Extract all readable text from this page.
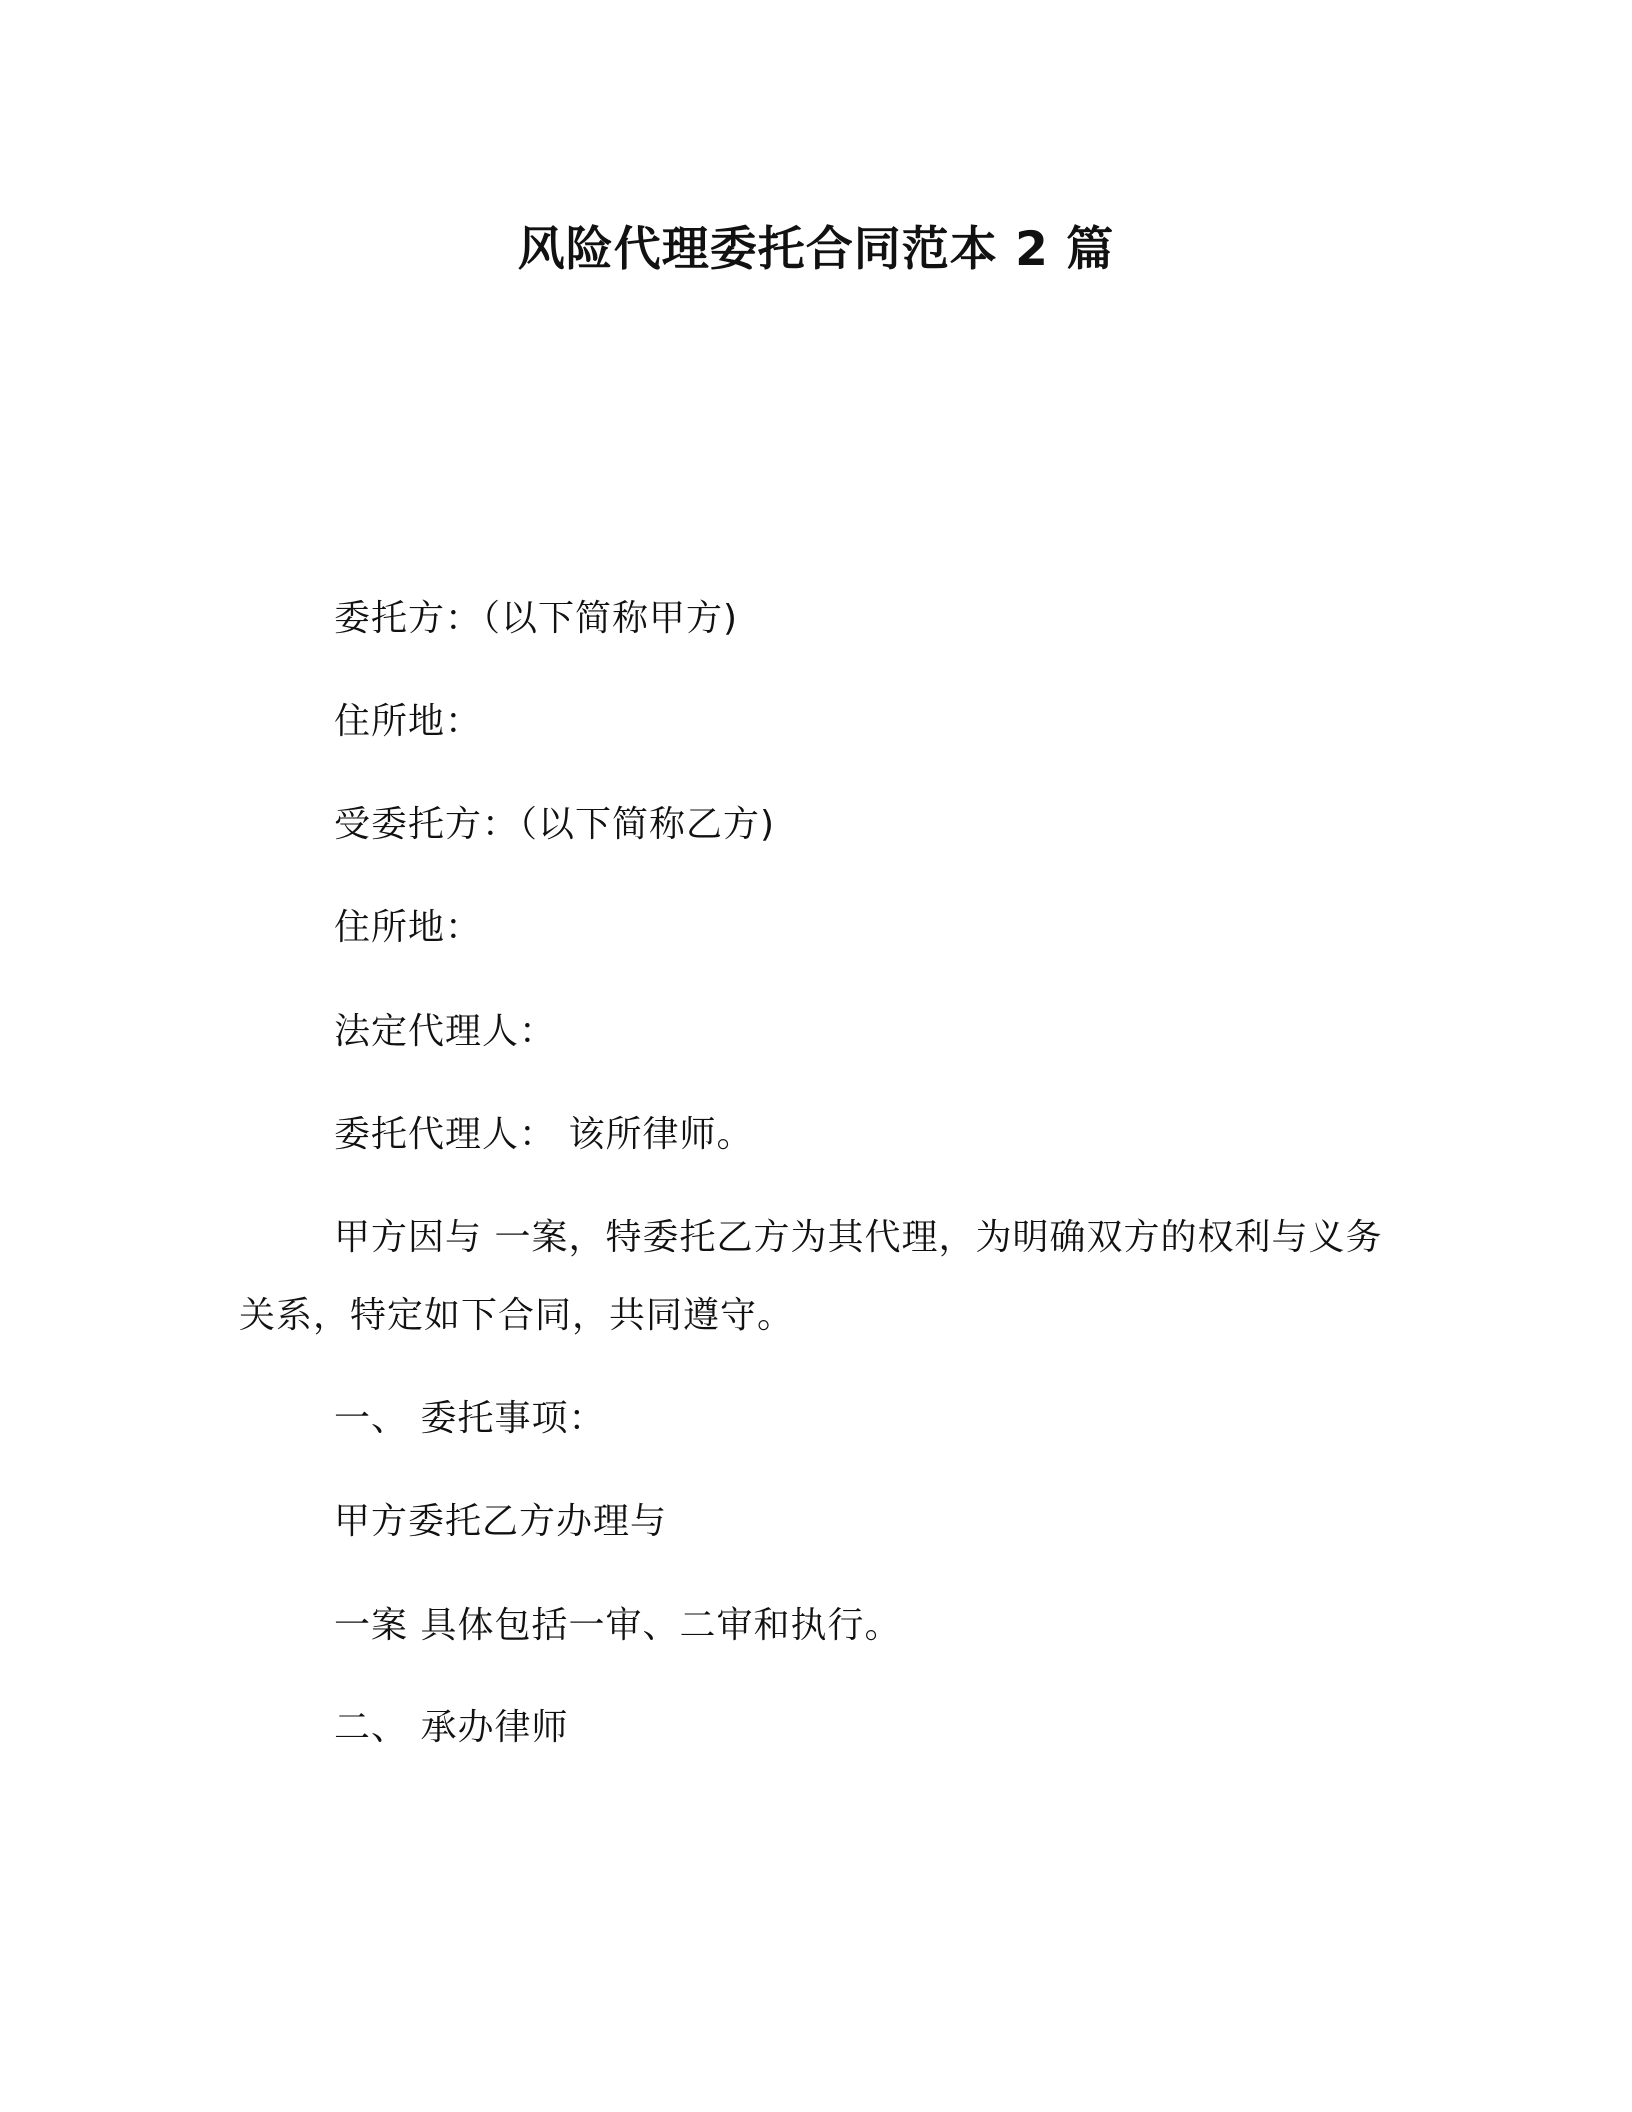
风险代理委托合同范本 2 篇
委托方：（以下简称甲方)
住所地：
受委托方：（以下简称乙方)
住所地：
法定代理人：
委托代理人： 该所律师。
甲方因与 一案，特委托乙方为其代理，为明确双方的权利与义务
关系，特定如下合同，共同遵守。
一、 委托事项：
甲方委托乙方办理与
一案 具体包括一审、二审和执行。
二、 承办律师
